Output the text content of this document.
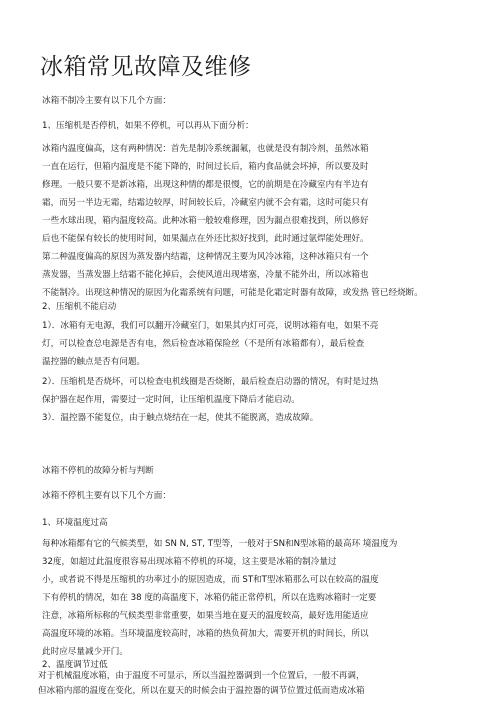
冰箱常见故障及维修

冰箱不制冷主要有以下几个方面：

1、压缩机是否停机，如果不停机，可以再从下面分析：

冰箱内温度偏高，这有两种情况：首先是制冷系统漏氟，也就是没有制冷剂，虽然冰箱
一直在运行，但箱内温度是不能下降的，时间过长后，箱内食品就会坏掉，所以要及时
修理。一般只要不是新冰箱，出现这种情的都是很慢，它的前期是在冷藏室内有半边有
霜，而另一半边无霜，结霜边较厚，时间较长后，冷藏室内就不会有霜，这时可能只有
一些水球出现，箱内温度较高。此种冰箱一般较难修理，因为漏点很难找到，所以修好
后也不能保有较长的使用时间，如果漏点在外还比拟好找到，此时通过氩焊能处理好。
第二种温度偏高的原因为蒸发器内结霜，这种情况主要为风冷冰箱，这种冰箱只有一个
蒸发器，当蒸发器上结霜不能化掉后，会使风道出现堵塞，冷量不能外出，所以冰箱也
不能制冷。出现这种情况的原因为化霜系统有问题，可能是化霜定时器有故障，或发热 管已经烧断。

2、压缩机不能启动

1）．冰箱有无电源，我们可以翻开冷藏室门，如果其内灯可亮，说明冰箱有电，如果不亮
灯，可以检查总电源是否有电，然后检查冰箱保险丝（不是所有冰箱都有），最后检查
温控器的触点是否有问题。
2）．压缩机是否烧坏，可以检查电机线圈是否烧断，最后检查启动器的情况，有时是过热
保护器在起作用，需要过一定时间，让压缩机温度下降后才能启动。
3）．温控器不能复位，由于触点烧结在一起，使其不能脱离，造成故障。

冰箱不停机的故障分析与判断

冰箱不停机主要有以下几个方面：

1、环境温度过高

每种冰箱都有它的气候类型，如 SN N, ST, T型等，一般对于SN和N型冰箱的最高环 境温度为
32度，如超过此温度很容易出现冰箱不停机的环境，这主要是冰箱的制冷量过
小，或者说不得是压缩机的功率过小的原因造成，而 ST和T型冰箱那么可以在较高的温度
下有停机的情况，如在 38 度的高温度下，冰箱仍能正常停机，所以在选购冰箱时一定要
注意，冰箱所标称的气候类型非常重要，如果当地在夏天的温度较高，最好选用能适应
高温度环境的冰箱。当环境温度较高时，冰箱的热负荷加大，需要开机的时间长，所以
此时应尽量减少开门。

2、温度调节过低

对于机械温度冰箱，由于温度不可显示，所以当温控器调到一个位置后，一般不再调，
但冰箱内部的温度在变化，所以在夏天的时候会由于温控器的调节位置过低而造成冰箱
